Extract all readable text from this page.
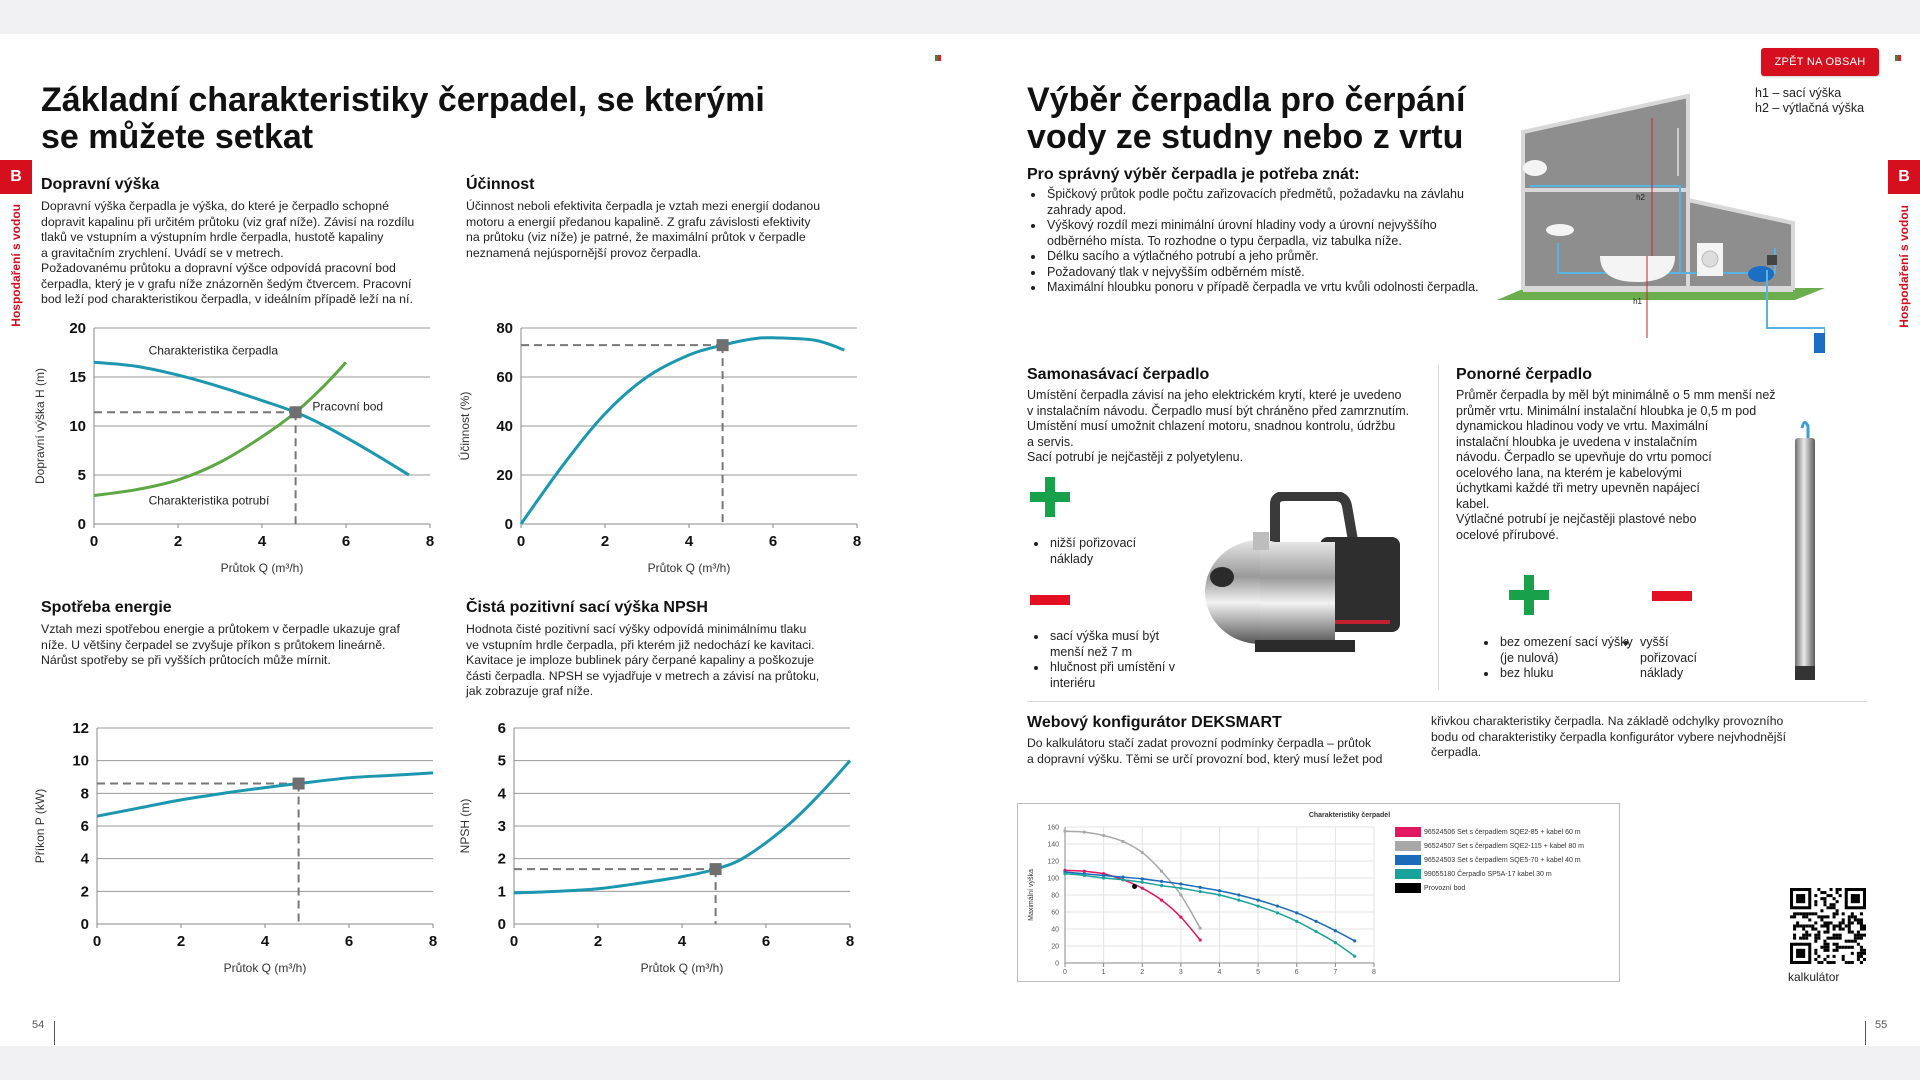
Základní charakteristiky čerpadel, se kterými
se můžete setkat
B
Hospodaření s vodou
Dopravní výška

Dopravní výška čerpadla je výška, do které je čerpadlo schopné
dopravit kapalinu při určitém průtoku (viz graf níže). Závisí na rozdílu
tlaků ve vstupním a výstupním hrdle čerpadla, hustotě kapaliny
a gravitačním zrychlení. Uvádí se v metrech.
Požadovanému průtoku a dopravní výšce odpovídá pracovní bod
čerpadla, který je v grafu níže znázorněn šedým čtvercem. Pracovní
bod leží pod charakteristikou čerpadla, v ideálním případě leží na ní.

Účinnost

Účinnost neboli efektivita čerpadla je vztah mezi energií dodanou
motoru a energií předanou kapalině. Z grafu závislosti efektivity
na průtoku (viz níže) je patrné, že maximální průtok v čerpadle
neznamená nejúspornější provoz čerpadla.

Spotřeba energie

Vztah mezi spotřebou energie a průtokem v čerpadle ukazuje graf
níže. U většiny čerpadel se zvyšuje příkon s průtokem lineárně.
Nárůst spotřeby se při vyšších průtocích může mírnit.

Čistá pozitivní sací výška NPSH

Hodnota čisté pozitivní sací výšky odpovídá minimálnímu tlaku
ve vstupním hrdle čerpadla, při kterém již nedochází ke kavitaci.
Kavitace je imploze bublinek páry čerpané kapaliny a poškozuje
části čerpadla. NPSH se vyjadřuje v metrech a závisí na průtoku,
jak zobrazuje graf níže.

0
5
10
15
20
0	2	4	6	8
Průtok Q (m³/h)
Dopravní výška H (m)
Charakteristika čerpadla
Charakteristika potrubí
Pracovní bod
0
20
40
60
80
0	2	4	6	8
Průtok Q (m³/h)
Účinnost (%)
0
2
4
6
8
10
12
0	2	4	6	8
Průtok Q (m³/h)
Příkon P (kW)
0
1
2
3
4
5
6
0	2	4	6	8
Průtok Q (m³/h)
NPSH (m)
54
Výběr čerpadla pro čerpání
vody ze studny nebo z vrtu
ZPĚT NA OBSAH
h1 – sací výška
h2 – výtlačná výška
B
Hospodaření s vodou
h2
h1
Pro správný výběr čerpadla je potřeba znát:
• Špičkový průtok podle počtu zařizovacích předmětů, požadavku na závlahu zahrady apod.
• Výškový rozdíl mezi minimální úrovní hladiny vody a úrovní nejvyššího odběrného místa. To rozhodne o typu čerpadla, viz tabulka níže.
• Délku sacího a výtlačného potrubí a jeho průměr.
• Požadovaný tlak v nejvyšším odběrném místě.
• Maximální hloubku ponoru v případě čerpadla ve vrtu kvůli odolnosti čerpadla.
Samonasávací čerpadlo

Umístění čerpadla závisí na jeho elektrickém krytí, které je uvedeno
v instalačním návodu. Čerpadlo musí být chráněno před zamrznutím.
Umístění musí umožnit chlazení motoru, snadnou kontrolu, údržbu
a servis.
Sací potrubí je nejčastěji z polyetylenu.

• nižší pořizovací náklady
• sací výška musí být menší než 7 m
• hlučnost při umístění v interiéru
Ponorné čerpadlo

Průměr čerpadla by měl být minimálně o 5 mm menší než
průměr vrtu. Minimální instalační hloubka je 0,5 m pod
dynamickou hladinou vody ve vrtu. Maximální
instalační hloubka je uvedena v instalačním
návodu. Čerpadlo se upevňuje do vrtu pomocí
ocelového lana, na kterém je kabelovými
úchytkami každé tři metry upevněn napájecí
kabel.
Výtlačné potrubí je nejčastěji plastové nebo
ocelové přírubové.

• bez omezení sací výšky (je nulová)
• bez hluku
• vyšší pořizovací náklady
Webový konfigurátor DEKSMART

Do kalkulátoru stačí zadat provozní podmínky čerpadla – průtok
a dopravní výšku. Těmi se určí provozní bod, který musí ležet pod

křivkou charakteristiky čerpadla. Na základě odchylky provozního
bodu od charakteristiky čerpadla konfigurátor vybere nejvhodnější
čerpadla.

0
20
40
60
80
100
120
140
160
0	1	2	3	4	5	6	7	8
Maximální výška
Charakteristiky čerpadel
96524506 Set s čerpadlem SQE2-85 + kabel 60 m
96524507 Set s čerpadlem SQE2-115 + kabel 80 m
96524503 Set s čerpadlem SQE5-70 + kabel 40 m
99055180 Čerpadlo SP5A-17 kabel 30 m
Provozní bod
kalkulátor
55
